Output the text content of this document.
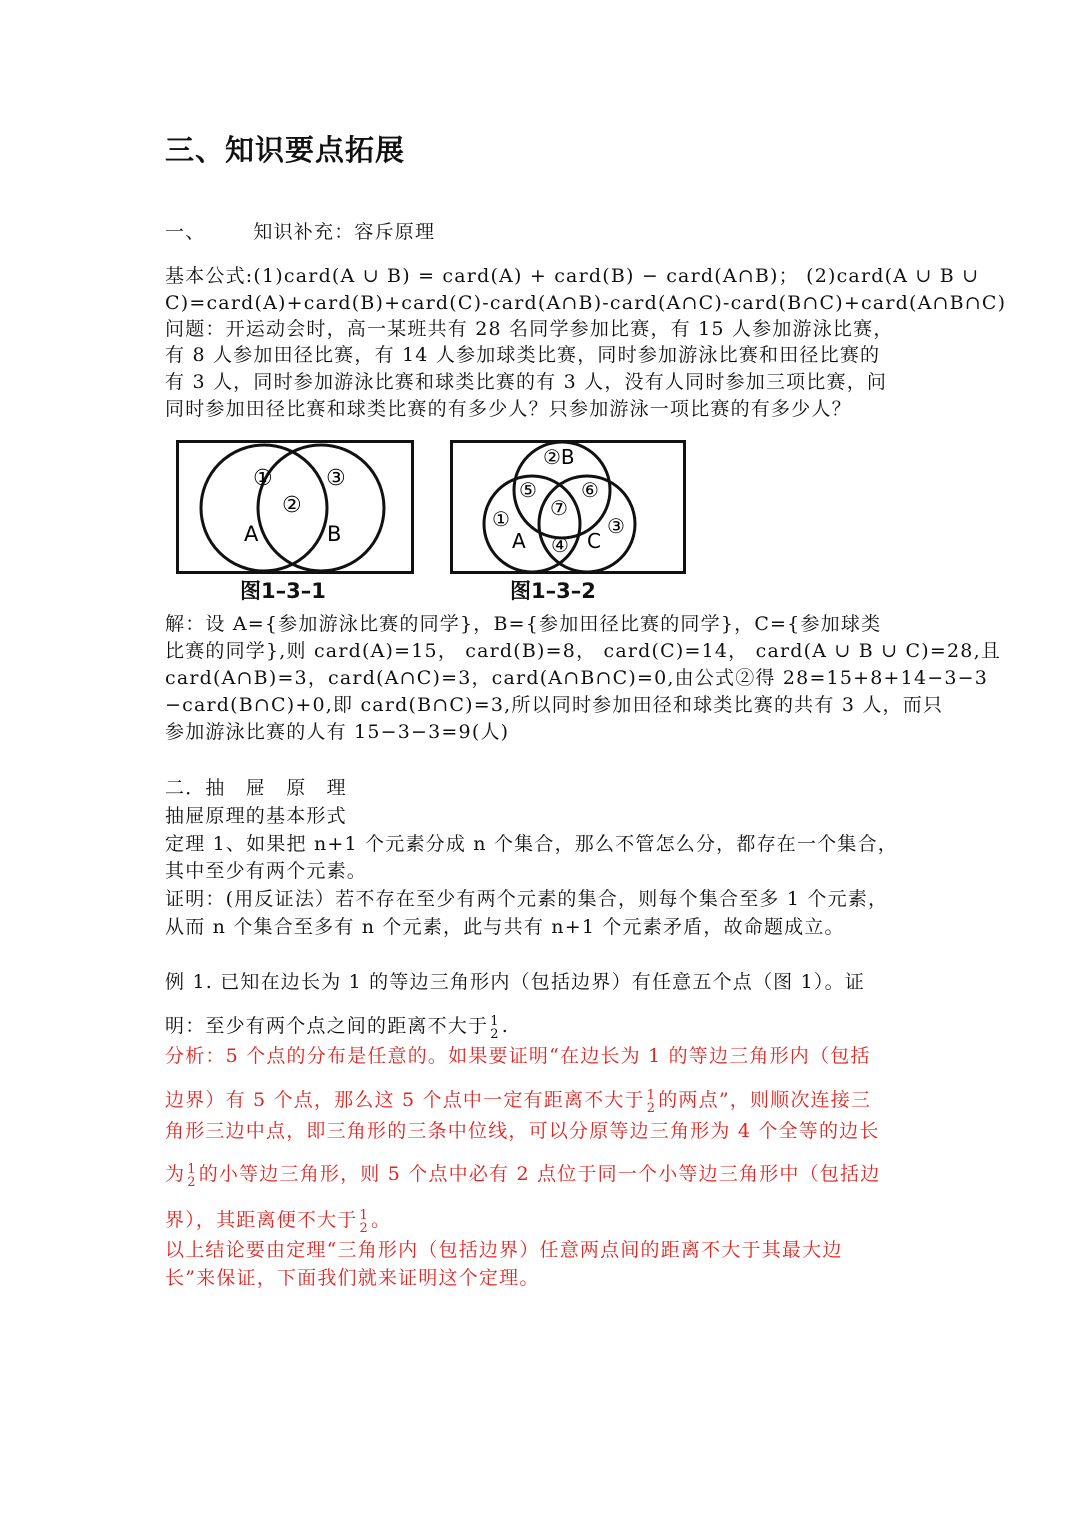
三、知识要点拓展
一、	知识补充：容斥原理
基本公式:(1)card(A ∪ B) = card(A) + card(B) − card(A∩B)； (2)card(A ∪ B ∪
C)=card(A)+card(B)+card(C)-card(A∩B)-card(A∩C)-card(B∩C)+card(A∩B∩C)
问题：开运动会时，高一某班共有 28 名同学参加比赛，有 15 人参加游泳比赛，
有 8 人参加田径比赛，有 14 人参加球类比赛，同时参加游泳比赛和田径比赛的
有 3 人，同时参加游泳比赛和球类比赛的有 3 人，没有人同时参加三项比赛，问
同时参加田径比赛和球类比赛的有多少人？只参加游泳一项比赛的有多少人？
①
②
③
A	B
图1–3–1
②B
⑤ ⑥
⑦
①	③
A ④ C
图1–3–2
解：设 A={参加游泳比赛的同学}，B={参加田径比赛的同学}，C={参加球类
比赛的同学},则 card(A)=15， card(B)=8， card(C)=14， card(A ∪ B ∪ C)=28,且
card(A∩B)=3，card(A∩C)=3，card(A∩B∩C)=0,由公式②得 28=15+8+14−3−3
−card(B∩C)+0,即 card(B∩C)=3,所以同时参加田径和球类比赛的共有 3 人，而只
参加游泳比赛的人有 15−3−3=9(人)
二．抽　屉　原　理
抽屉原理的基本形式
定理 1、如果把 n+1 个元素分成 n 个集合，那么不管怎么分，都存在一个集合，
其中至少有两个元素。
证明：(用反证法）若不存在至少有两个元素的集合，则每个集合至多 1 个元素，
从而 n 个集合至多有 n 个元素，此与共有 n+1 个元素矛盾，故命题成立。
例 1. 已知在边长为 1 的等边三角形内（包括边界）有任意五个点（图 1）。证
明：至少有两个点之间的距离不大于 1
2 .
分析：5 个点的分布是任意的。如果要证明“在边长为 1 的等边三角形内（包括
边界）有 5 个点，那么这 5 个点中一定有距离不大于 1
2 的两点”，则顺次连接三
角形三边中点，即三角形的三条中位线，可以分原等边三角形为 4 个全等的边长
为 1
2 的小等边三角形，则 5 个点中必有 2 点位于同一个小等边三角形中（包括边
界），其距离便不大于 1
2 。
以上结论要由定理“三角形内（包括边界）任意两点间的距离不大于其最大边
长”来保证，下面我们就来证明这个定理。
